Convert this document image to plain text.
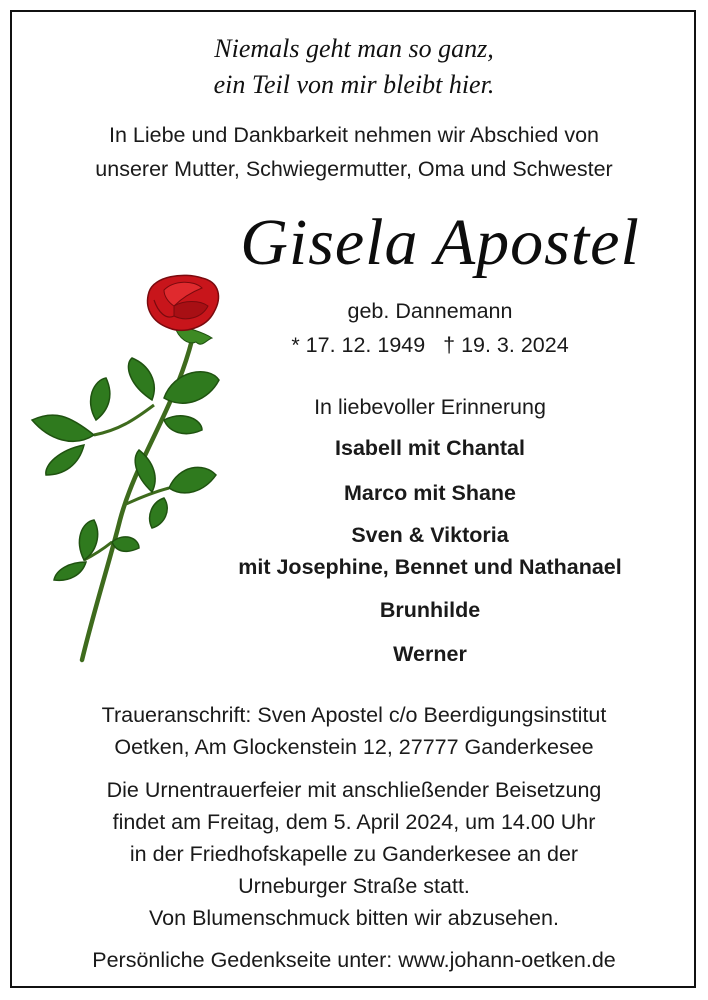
Niemals geht man so ganz,
ein Teil von mir bleibt hier.
In Liebe und Dankbarkeit nehmen wir Abschied von
unserer Mutter, Schwiegermutter, Oma und Schwester
Gisela Apostel
geb. Dannemann
* 17. 12. 1949 † 19. 3. 2024
In liebevoller Erinnerung
Isabell mit Chantal
Marco mit Shane
Sven & Viktoria
mit Josephine, Bennet und Nathanael
Brunhilde
Werner
Traueranschrift: Sven Apostel c/o Beerdigungsinstitut
Oetken, Am Glockenstein 12, 27777 Ganderkesee
Die Urnentrauerfeier mit anschließender Beisetzung
findet am Freitag, dem 5. April 2024, um 14.00 Uhr
in der Friedhofskapelle zu Ganderkesee an der
Urneburger Straße statt.
Von Blumenschmuck bitten wir abzusehen.
Persönliche Gedenkseite unter: www.johann-oetken.de
